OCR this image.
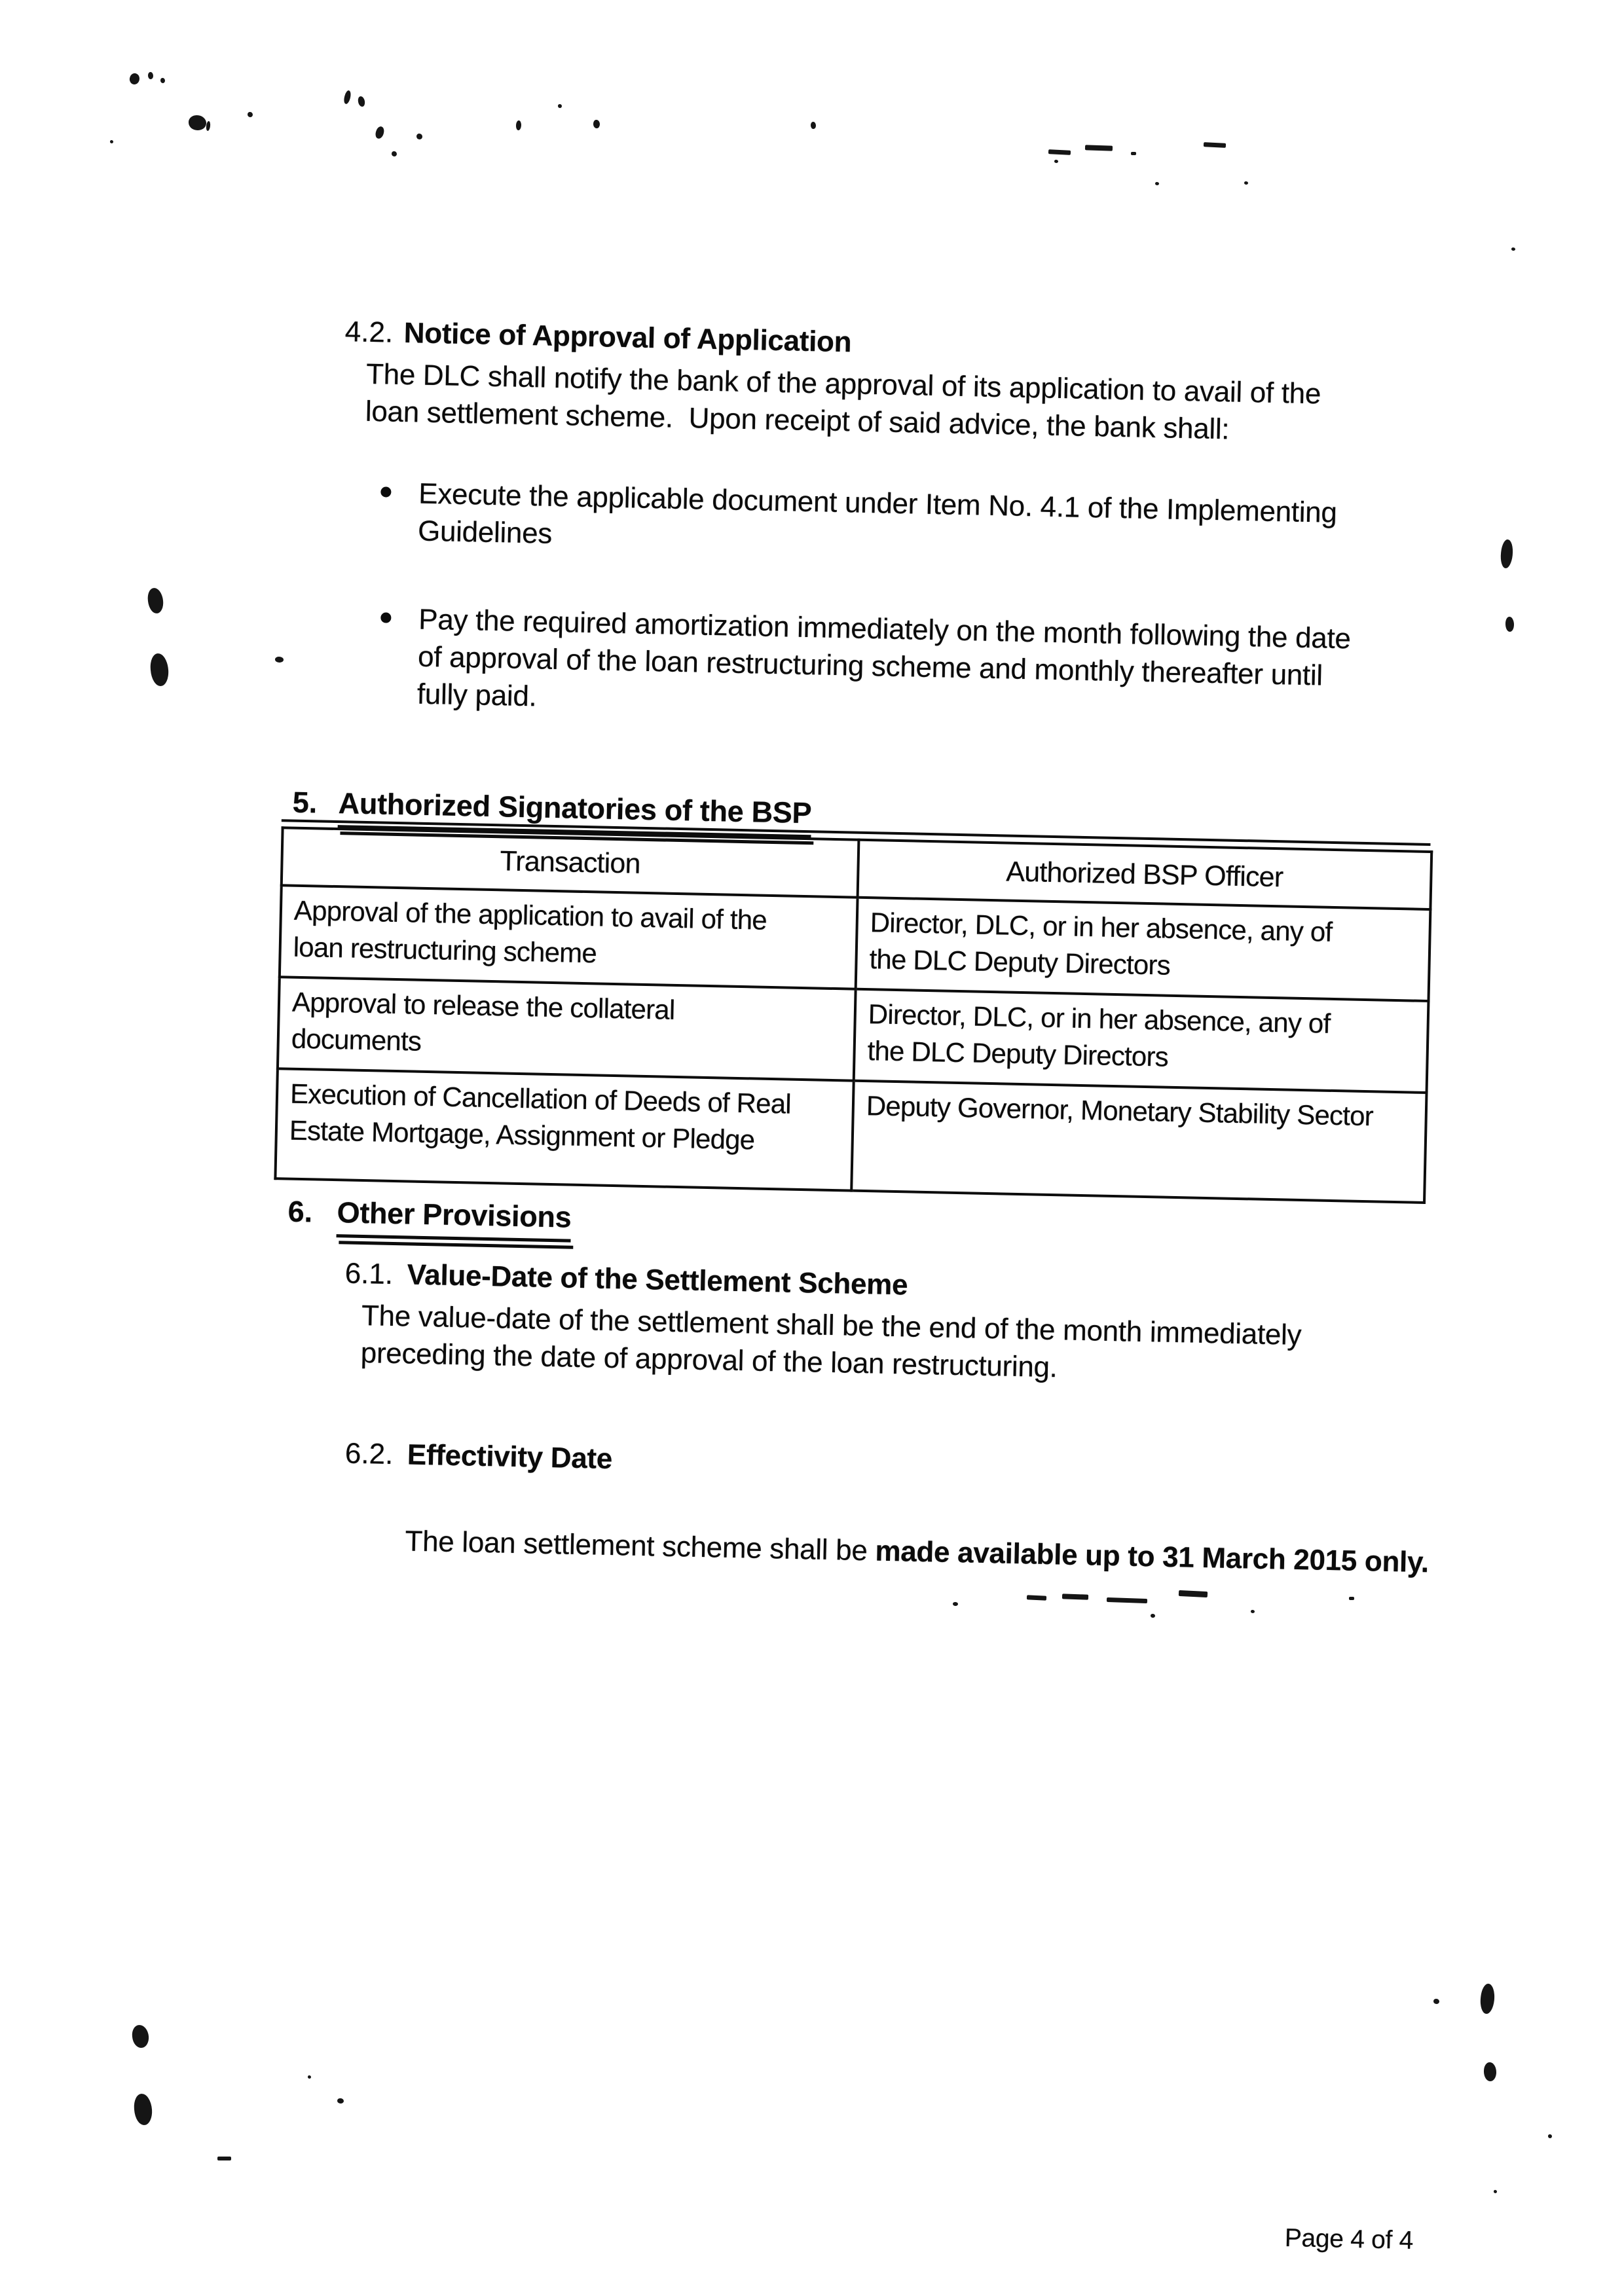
4.2. Notice of Approval of Application

The DLC shall notify the bank of the approval of its application to avail of the
loan settlement scheme.  Upon receipt of said advice, the bank shall:
Execute the applicable document under Item No. 4.1 of the Implementing
Guidelines
Pay the required amortization immediately on the month following the date
of approval of the loan restructuring scheme and monthly thereafter until
fully paid.

5. Authorized Signatories of the BSP

Transaction	Authorized BSP Officer
Approval of the application to avail of the
loan restructuring scheme	Director, DLC, or in her absence, any of
the DLC Deputy Directors
Approval to release the collateral
documents	Director, DLC, or in her absence, any of
the DLC Deputy Directors
Execution of Cancellation of Deeds of Real
Estate Mortgage, Assignment or Pledge	Deputy Governor, Monetary Stability Sector

6. Other Provisions

6.1. Value-Date of the Settlement Scheme

The value-date of the settlement shall be the end of the month immediately
preceding the date of approval of the loan restructuring.

6.2. Effectivity Date

The loan settlement scheme shall be made available up to 31 March 2015 only.

Page 4 of 4
